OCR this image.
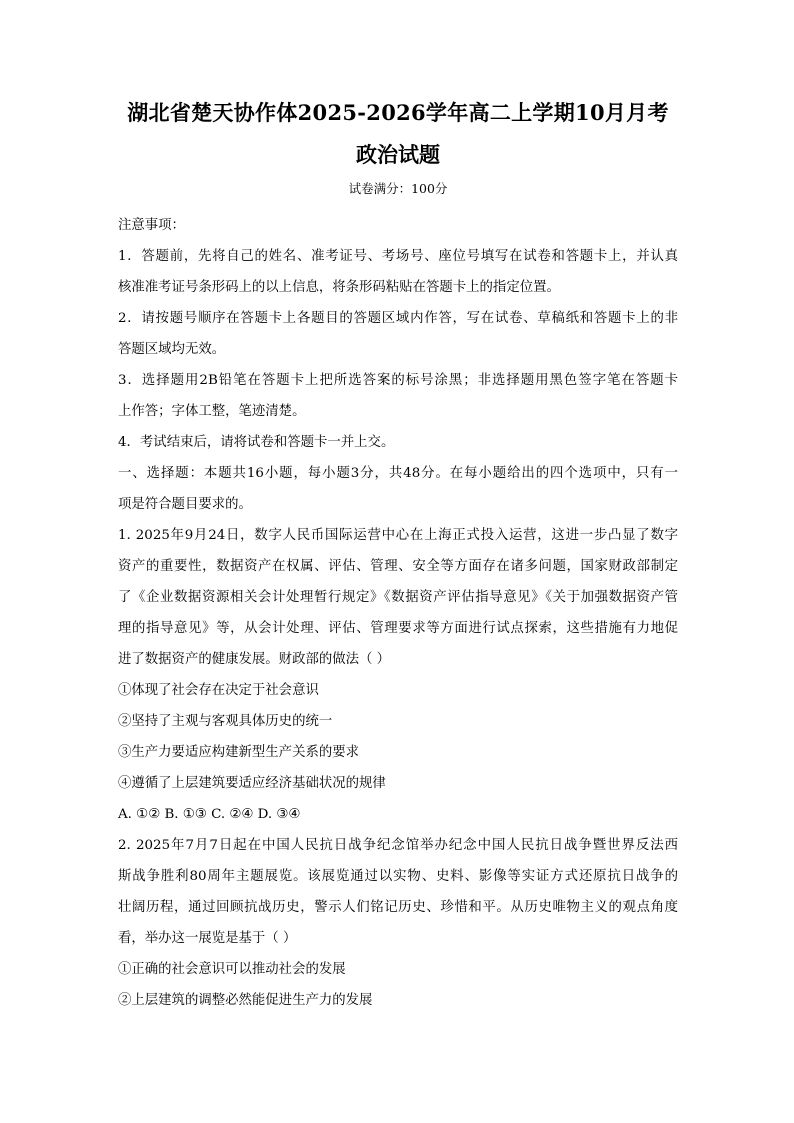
湖北省楚天协作体2025-2026学年高二上学期10月月考

政治试题

试卷满分：100分

注意事项：

1．答题前，先将自己的姓名、准考证号、考场号、座位号填写在试卷和答题卡上，并认真

核准准考证号条形码上的以上信息，将条形码粘贴在答题卡上的指定位置。

2．请按题号顺序在答题卡上各题目的答题区域内作答，写在试卷、草稿纸和答题卡上的非

答题区域均无效。

3．选择题用2B铅笔在答题卡上把所选答案的标号涂黑；非选择题用黑色签字笔在答题卡

上作答；字体工整，笔迹清楚。

4．考试结束后，请将试卷和答题卡一并上交。

一、选择题：本题共16小题，每小题3分，共48分。在每小题给出的四个选项中，只有一

项是符合题目要求的。

1. 2025年9月24日，数字人民币国际运营中心在上海正式投入运营，这进一步凸显了数字

资产的重要性，数据资产在权属、评估、管理、安全等方面存在诸多问题，国家财政部制定

了《企业数据资源相关会计处理暂行规定》《数据资产评估指导意见》《关于加强数据资产管

理的指导意见》等，从会计处理、评估、管理要求等方面进行试点探索，这些措施有力地促

进了数据资产的健康发展。财政部的做法（ ）

①体现了社会存在决定于社会意识

②坚持了主观与客观具体历史的统一

③生产力要适应构建新型生产关系的要求

④遵循了上层建筑要适应经济基础状况的规律

A. ①② B. ①③ C. ②④ D. ③④

2. 2025年7月7日起在中国人民抗日战争纪念馆举办纪念中国人民抗日战争暨世界反法西

斯战争胜利80周年主题展览。该展览通过以实物、史料、影像等实证方式还原抗日战争的

壮阔历程，通过回顾抗战历史，警示人们铭记历史、珍惜和平。从历史唯物主义的观点角度

看，举办这一展览是基于（ ）

①正确的社会意识可以推动社会的发展

②上层建筑的调整必然能促进生产力的发展
